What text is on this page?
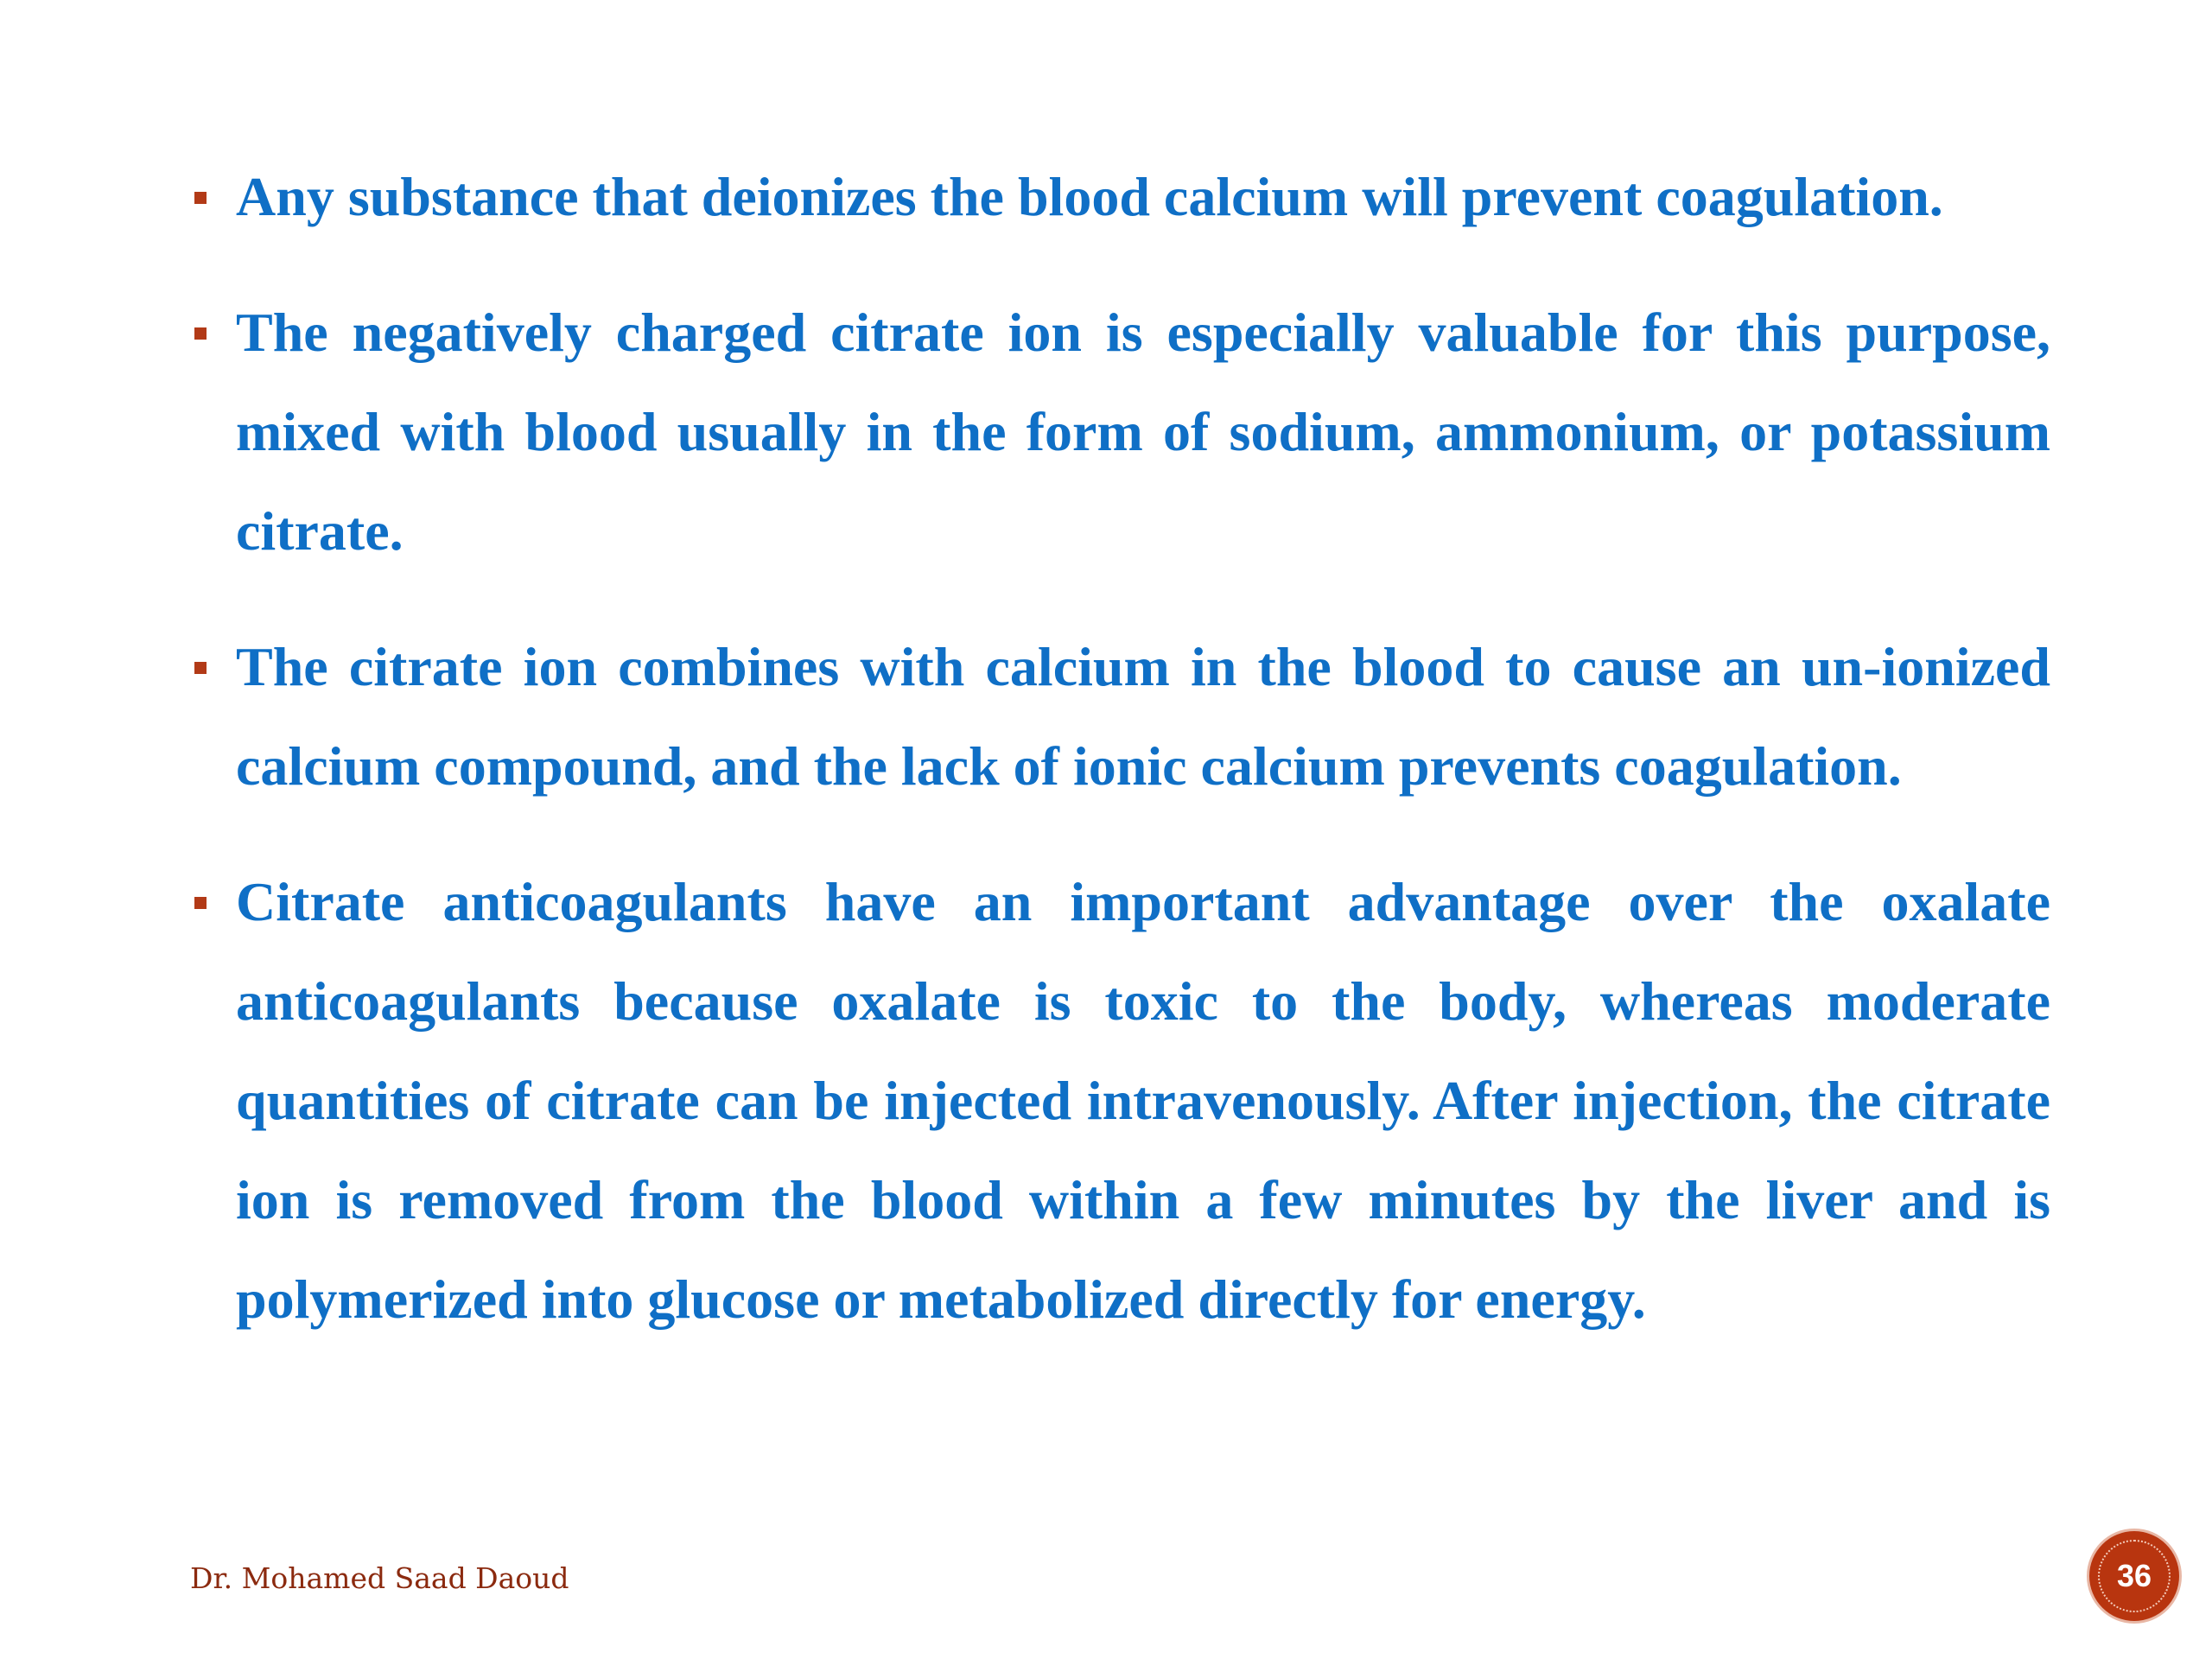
Any substance that deionizes the blood calcium will prevent coagulation.
The negatively charged citrate ion is especially valuable for this purpose, mixed with blood usually in the form of sodium, ammonium, or potassium citrate.
The citrate ion combines with calcium in the blood to cause an un-ionized calcium compound, and the lack of ionic calcium prevents coagulation.
Citrate anticoagulants have an important advantage over the oxalate anticoagulants because oxalate is toxic to the body, whereas moderate quantities of citrate can be injected intravenously. After injection, the citrate ion is removed from the blood within a few minutes by the liver and is polymerized into glucose or metabolized directly for energy.
Dr. Mohamed Saad Daoud	36
